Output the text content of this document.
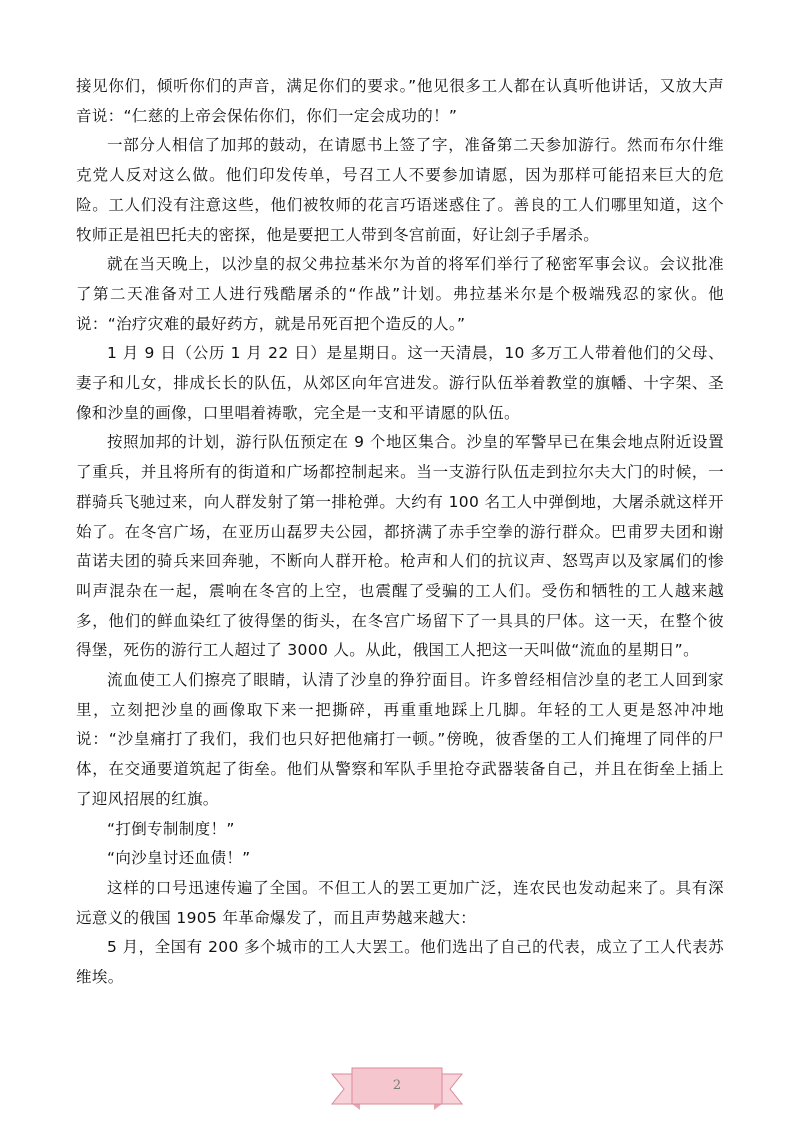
接见你们，倾听你们的声音，满足你们的要求。”他见很多工人都在认真听他讲话，又放大声音说：“仁慈的上帝会保佑你们，你们一定会成功的！”

一部分人相信了加邦的鼓动，在请愿书上签了字，准备第二天参加游行。然而布尔什维克党人反对这么做。他们印发传单，号召工人不要参加请愿，因为那样可能招来巨大的危险。工人们没有注意这些，他们被牧师的花言巧语迷惑住了。善良的工人们哪里知道，这个牧师正是祖巴托夫的密探，他是要把工人带到冬宫前面，好让刽子手屠杀。

就在当天晚上，以沙皇的叔父弗拉基米尔为首的将军们举行了秘密军事会议。会议批准了第二天准备对工人进行残酷屠杀的“作战”计划。弗拉基米尔是个极端残忍的家伙。他说：“治疗灾难的最好药方，就是吊死百把个造反的人。”

1 月 9 日（公历 1 月 22 日）是星期日。这一天清晨，10 多万工人带着他们的父母、妻子和儿女，排成长长的队伍，从郊区向年宫进发。游行队伍举着教堂的旗幡、十字架、圣像和沙皇的画像，口里唱着祷歌，完全是一支和平请愿的队伍。

按照加邦的计划，游行队伍预定在 9 个地区集合。沙皇的军警早已在集会地点附近设置了重兵，并且将所有的街道和广场都控制起来。当一支游行队伍走到拉尔夫大门的时候，一群骑兵飞驰过来，向人群发射了第一排枪弹。大约有 100 名工人中弹倒地，大屠杀就这样开始了。在冬宫广场，在亚历山磊罗夫公园，都挤满了赤手空拳的游行群众。巴甫罗夫团和谢苗诺夫团的骑兵来回奔驰，不断向人群开枪。枪声和人们的抗议声、怒骂声以及家属们的惨叫声混杂在一起，震响在冬宫的上空，也震醒了受骗的工人们。受伤和牺牲的工人越来越多，他们的鲜血染红了彼得堡的街头，在冬宫广场留下了一具具的尸体。这一天，在整个彼得堡，死伤的游行工人超过了 3000 人。从此，俄国工人把这一天叫做“流血的星期日”。

流血使工人们擦亮了眼睛，认清了沙皇的狰狞面目。许多曾经相信沙皇的老工人回到家里，立刻把沙皇的画像取下来一把撕碎，再重重地踩上几脚。年轻的工人更是怒冲冲地说：“沙皇痛打了我们，我们也只好把他痛打一顿。”傍晚，彼香堡的工人们掩埋了同伴的尸体，在交通要道筑起了街垒。他们从警察和军队手里抢夺武器装备自己，并且在街垒上插上了迎风招展的红旗。

“打倒专制制度！”

“向沙皇讨还血债！”

这样的口号迅速传遍了全国。不但工人的罢工更加广泛，连农民也发动起来了。具有深远意义的俄国 1905 年革命爆发了，而且声势越来越大：

5 月，全国有 200 多个城市的工人大罢工。他们选出了自己的代表，成立了工人代表苏维埃。

2
